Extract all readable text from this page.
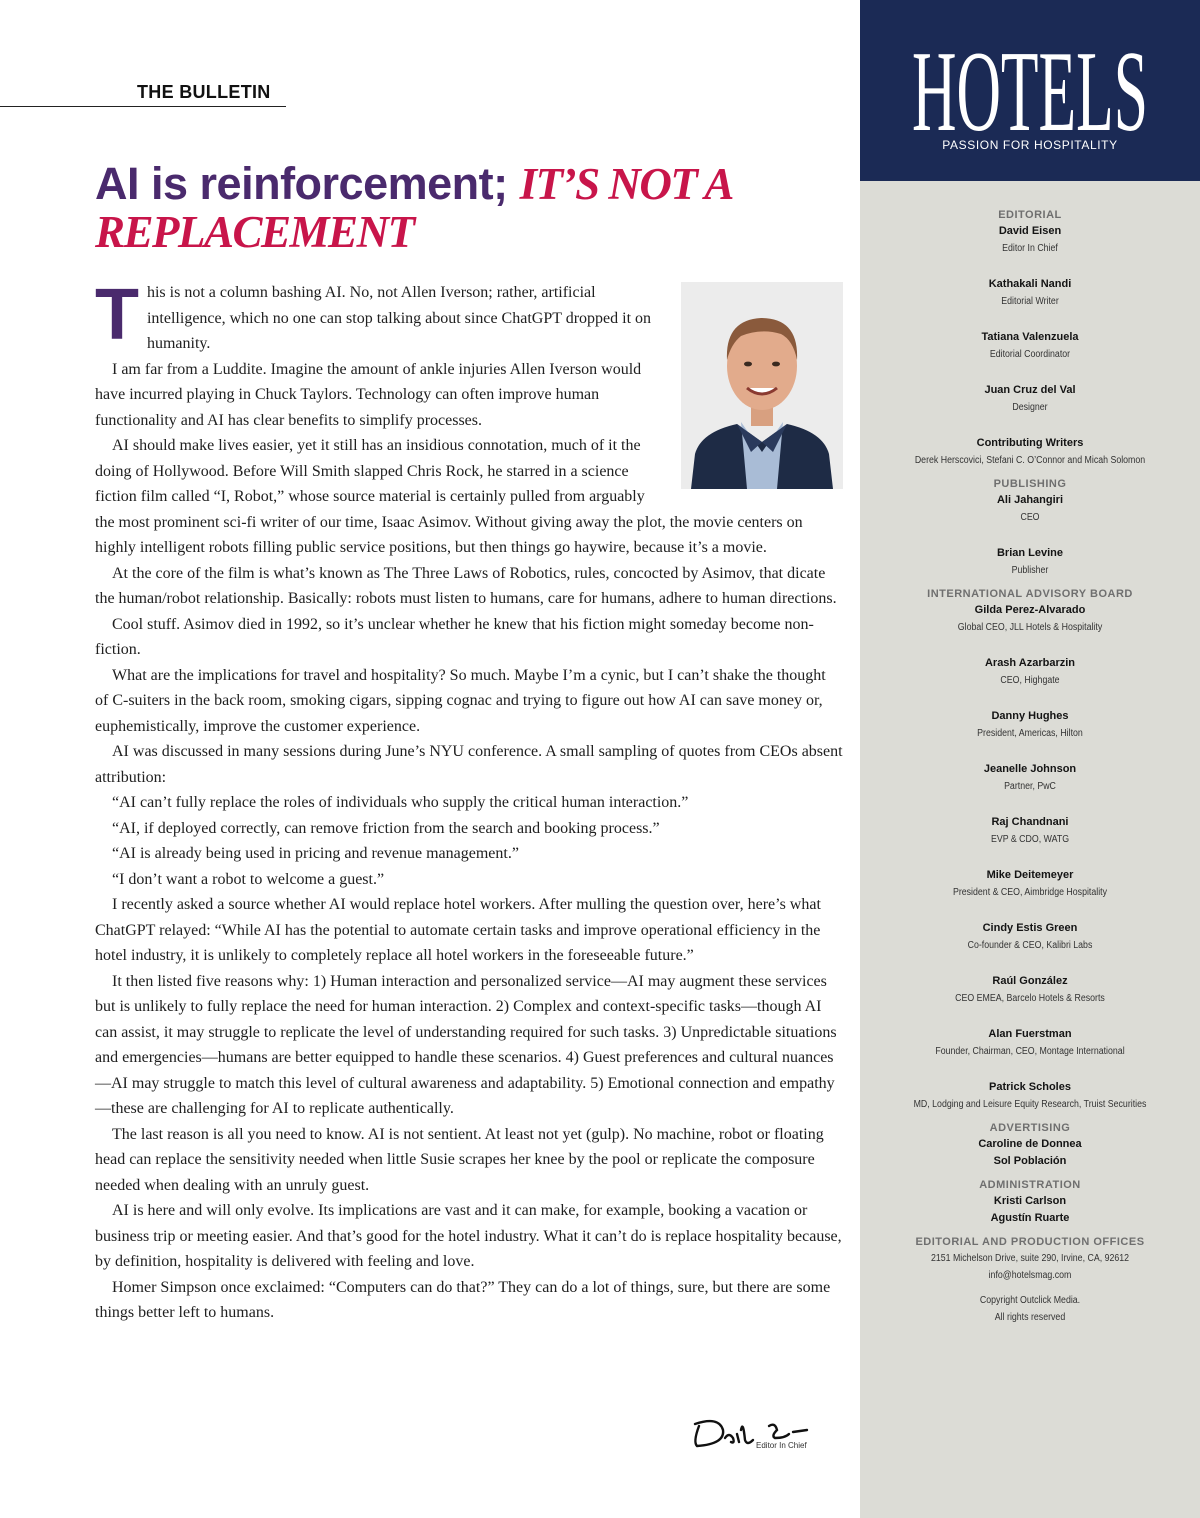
THE BULLETIN
AI is reinforcement; IT’S NOT A REPLACEMENT
T his is not a column bashing AI. No, not Allen Iverson; rather, artificial intelligence, which no one can stop talking about since ChatGPT dropped it on humanity.

I am far from a Luddite. Imagine the amount of ankle injuries Allen Iverson would have incurred playing in Chuck Taylors. Technology can often improve human functionality and AI has clear benefits to simplify processes.

AI should make lives easier, yet it still has an insidious connotation, much of it the doing of Hollywood. Before Will Smith slapped Chris Rock, he starred in a science fiction film called “I, Robot,” whose source material is certainly pulled from arguably the most prominent sci-fi writer of our time, Isaac Asimov. Without giving away the plot, the movie centers on highly intelligent robots filling public service positions, but then things go haywire, because it’s a movie.

At the core of the film is what’s known as The Three Laws of Robotics, rules, concocted by Asimov, that dicate the human/robot relationship. Basically: robots must listen to humans, care for humans, adhere to human directions.

Cool stuff. Asimov died in 1992, so it’s unclear whether he knew that his fiction might someday become non-fiction.

What are the implications for travel and hospitality? So much. Maybe I’m a cynic, but I can’t shake the thought of C-suiters in the back room, smoking cigars, sipping cognac and trying to figure out how AI can save money or, euphemistically, improve the customer experience.

AI was discussed in many sessions during June’s NYU conference. A small sampling of quotes from CEOs absent attribution:

“AI can’t fully replace the roles of individuals who supply the critical human interaction.”

“AI, if deployed correctly, can remove friction from the search and booking process.”

“AI is already being used in pricing and revenue management.”

“I don’t want a robot to welcome a guest.”

I recently asked a source whether AI would replace hotel workers. After mulling the question over, here’s what ChatGPT relayed: “While AI has the potential to automate certain tasks and improve operational efficiency in the hotel industry, it is unlikely to completely replace all hotel workers in the foreseeable future.”

It then listed five reasons why: 1) Human interaction and personalized service—AI may augment these services but is unlikely to fully replace the need for human interaction. 2) Complex and context-specific tasks—though AI can assist, it may struggle to replicate the level of understanding required for such tasks. 3) Unpredictable situations and emergencies—humans are better equipped to handle these scenarios. 4) Guest preferences and cultural nuances—AI may struggle to match this level of cultural awareness and adaptability. 5) Emotional connection and empathy—these are challenging for AI to replicate authentically.

The last reason is all you need to know. AI is not sentient. At least not yet (gulp). No machine, robot or floating head can replace the sensitivity needed when little Susie scrapes her knee by the pool or replicate the composure needed when dealing with an unruly guest.

AI is here and will only evolve. Its implications are vast and it can make, for example, booking a vacation or business trip or meeting easier. And that’s good for the hotel industry. What it can’t do is replace hospitality because, by definition, hospitality is delivered with feeling and love.

Homer Simpson once exclaimed: “Computers can do that?” They can do a lot of things, sure, but there are some things better left to humans.

Editor In Chief
HOTELS
PASSION FOR HOSPITALITY
EDITORIAL
David Eisen
Editor In Chief
Kathakali Nandi
Editorial Writer
Tatiana Valenzuela
Editorial Coordinator
Juan Cruz del Val
Designer
Contributing Writers
Derek Herscovici, Stefani C. O’Connor and Micah Solomon
PUBLISHING
Ali Jahangiri
CEO
Brian Levine
Publisher
INTERNATIONAL ADVISORY BOARD
Gilda Perez-Alvarado
Global CEO, JLL Hotels & Hospitality
Arash Azarbarzin
CEO, Highgate
Danny Hughes
President, Americas, Hilton
Jeanelle Johnson
Partner, PwC
Raj Chandnani
EVP & CDO, WATG
Mike Deitemeyer
President & CEO, Aimbridge Hospitality
Cindy Estis Green
Co-founder & CEO, Kalibri Labs
Raúl González
CEO EMEA, Barcelo Hotels & Resorts
Alan Fuerstman
Founder, Chairman, CEO, Montage International
Patrick Scholes
MD, Lodging and Leisure Equity Research, Truist Securities
ADVERTISING
Caroline de Donnea
Sol Población
ADMINISTRATION
Kristi Carlson
Agustín Ruarte
EDITORIAL AND PRODUCTION OFFICES
2151 Michelson Drive, suite 290, Irvine, CA, 92612
info@hotelsmag.com
Copyright Outclick Media.
All rights reserved
